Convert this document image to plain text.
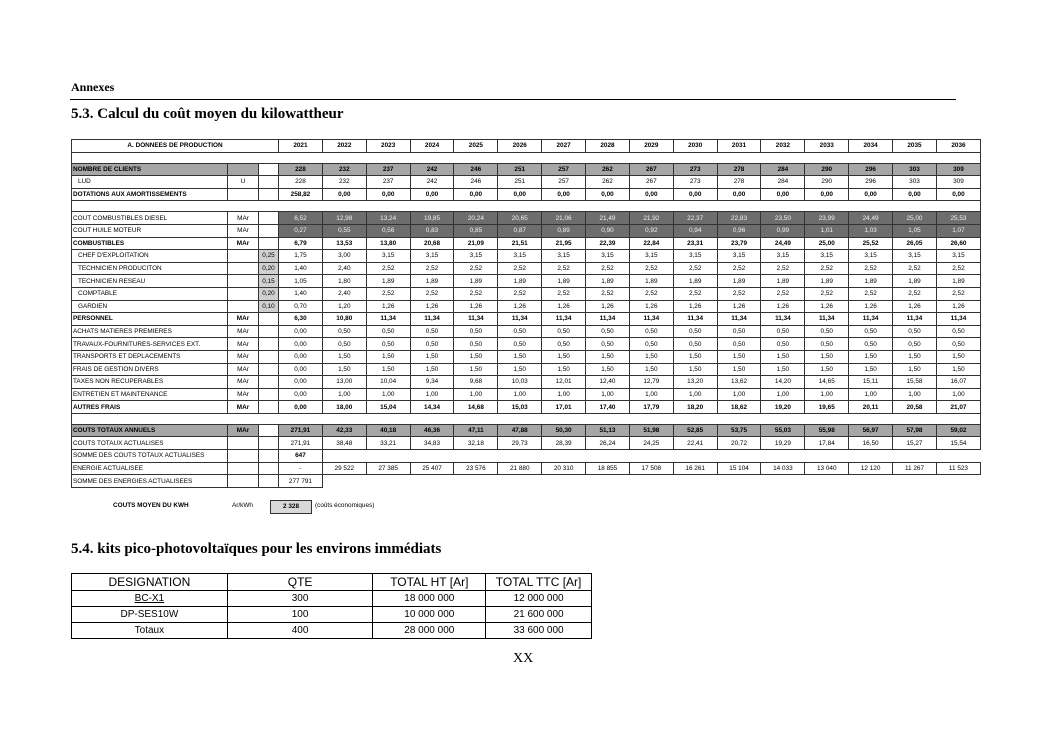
Annexes
5.3. Calcul du coût moyen du kilowattheur
A. DONNEES DE PRODUCTION			2021	2022	2023	2024	2025	2026	2027	2028	2029	2030	2031	2032	2033	2034	2035	2036

NOMBRE DE CLIENTS			228	232	237	242	246	251	257	262	267	273	278	284	290	296	303	309
LUD	U		228	232	237	242	246	251	257	262	267	273	278	284	290	296	303	309
DOTATIONS AUX AMORTISSEMENTS			258,82	0,00	0,00	0,00	0,00	0,00	0,00	0,00	0,00	0,00	0,00	0,00	0,00	0,00	0,00	0,00

COUT COMBUSTIBLES DIESEL	MAr		6,52	12,98	13,24	19,85	20,24	20,65	21,06	21,49	21,92	22,37	22,83	23,50	23,99	24,49	25,00	25,53
COUT HUILE MOTEUR	MAr		0,27	0,55	0,56	0,83	0,85	0,87	0,89	0,90	0,92	0,94	0,96	0,99	1,01	1,03	1,05	1,07
COMBUSTIBLES	MAr		6,79	13,53	13,80	20,68	21,09	21,51	21,95	22,39	22,84	23,31	23,79	24,49	25,00	25,52	26,05	26,60
CHEF D'EXPLOITATION		0,25	1,75	3,00	3,15	3,15	3,15	3,15	3,15	3,15	3,15	3,15	3,15	3,15	3,15	3,15	3,15	3,15
TECHNICIEN PRODUCITON		0,20	1,40	2,40	2,52	2,52	2,52	2,52	2,52	2,52	2,52	2,52	2,52	2,52	2,52	2,52	2,52	2,52
TECHNICIEN RESEAU		0,15	1,05	1,80	1,89	1,89	1,89	1,89	1,89	1,89	1,89	1,89	1,89	1,89	1,89	1,89	1,89	1,89
COMPTABLE		0,20	1,40	2,40	2,52	2,52	2,52	2,52	2,52	2,52	2,52	2,52	2,52	2,52	2,52	2,52	2,52	2,52
GARDIEN		0,10	0,70	1,20	1,26	1,26	1,26	1,26	1,26	1,26	1,26	1,26	1,26	1,26	1,26	1,26	1,26	1,26
PERSONNEL	MAr		6,30	10,80	11,34	11,34	11,34	11,34	11,34	11,34	11,34	11,34	11,34	11,34	11,34	11,34	11,34	11,34
ACHATS MATIERES PREMIERES	MAr		0,00	0,50	0,50	0,50	0,50	0,50	0,50	0,50	0,50	0,50	0,50	0,50	0,50	0,50	0,50	0,50
TRAVAUX-FOURNITURES-SERVICES EXT.	MAr		0,00	0,50	0,50	0,50	0,50	0,50	0,50	0,50	0,50	0,50	0,50	0,50	0,50	0,50	0,50	0,50
TRANSPORTS ET DEPLACEMENTS	MAr		0,00	1,50	1,50	1,50	1,50	1,50	1,50	1,50	1,50	1,50	1,50	1,50	1,50	1,50	1,50	1,50
FRAIS DE GESTION DIVERS	MAr		0,00	1,50	1,50	1,50	1,50	1,50	1,50	1,50	1,50	1,50	1,50	1,50	1,50	1,50	1,50	1,50
TAXES NON RECUPERABLES	MAr		0,00	13,00	10,04	9,34	9,68	10,03	12,01	12,40	12,79	13,20	13,62	14,20	14,65	15,11	15,58	16,07
ENTRETIEN ET MAINTENANCE	MAr		0,00	1,00	1,00	1,00	1,00	1,00	1,00	1,00	1,00	1,00	1,00	1,00	1,00	1,00	1,00	1,00
AUTRES FRAIS	MAr		0,00	18,00	15,04	14,34	14,68	15,03	17,01	17,40	17,79	18,20	18,62	19,20	19,65	20,11	20,58	21,07

COUTS TOTAUX ANNUELS	MAr		271,91	42,33	40,18	46,36	47,11	47,88	50,30	51,13	51,98	52,85	53,75	55,03	55,98	56,97	57,98	59,02
COUTS TOTAUX ACTUALISES			271,91	38,48	33,21	34,83	32,18	29,73	28,39	26,24	24,25	22,41	20,72	19,29	17,84	16,50	15,27	15,54
SOMME DES COUTS TOTAUX ACTUALISES			647															
ENERGIE ACTUALISEE			-	29 522	27 385	25 407	23 576	21 880	20 310	18 855	17 508	16 261	15 104	14 033	13 040	12 120	11 267	11 523
SOMME DES ENERGIES ACTUALISEES			277 791															
COUTS MOYEN DU KWH	Ar/kWh	2 328	(coûts économiques)
5.4. kits pico-photovoltaïques pour les environs immédiats
DESIGNATION	QTE	TOTAL HT [Ar]	TOTAL TTC [Ar]
BC-X1	300	18 000 000	12 000 000
DP-SES10W	100	10 000 000	21 600 000
Totaux	400	28 000 000	33 600 000
XX
